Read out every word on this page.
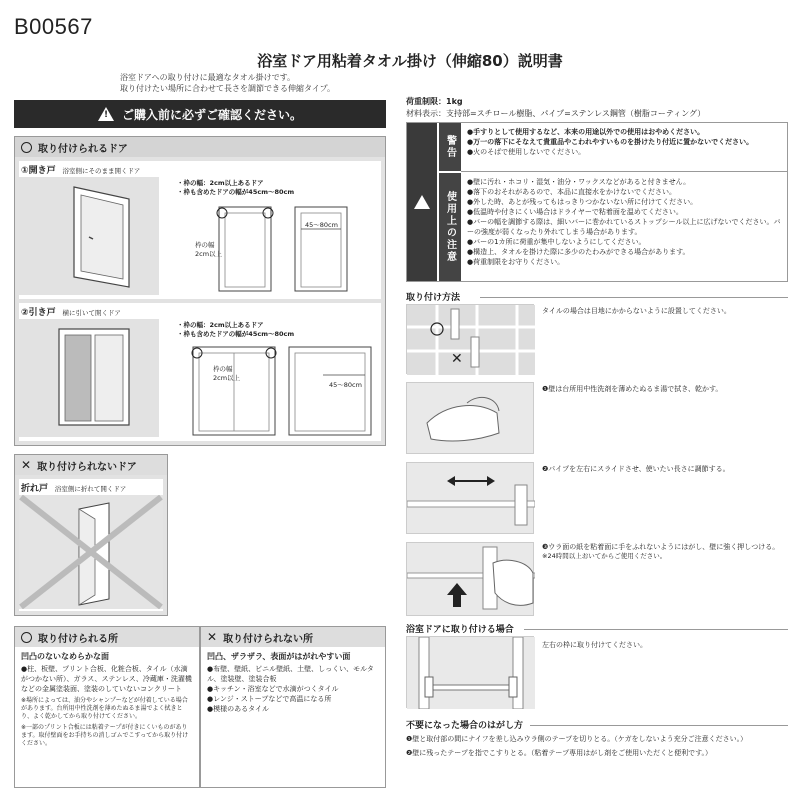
B00567
浴室ドア用粘着タオル掛け（伸縮80）説明書
浴室ドアへの取り付けに最適なタオル掛けです。
取り付けたい場所に合わせて長さを調節できる伸縮タイプ。
! ご購入前に必ずご確認ください。
取り付けられるドア
①開き戸 浴室側にそのまま開くドア
・枠の幅：2cm以上あるドア
・枠も含めたドアの幅が45cm〜80cm
枠の幅
2cm以上
45〜80cm
②引き戸 横に引いて開くドア
・枠の幅：2cm以上あるドア
・枠も含めたドアの幅が45cm〜80cm
枠の幅
2cm以上
45〜80cm
✕ 取り付けられないドア
折れ戸 浴室側に折れて開くドア
取り付けられる所
凹凸のないなめらかな面
●柱、板壁、プリント合板、化粧合板、タイル（水滴がつかない所）、ガラス、ステンレス、冷蔵庫・洗濯機などの金属塗装面、塗装のしていないコンクリート
※場所によっては、油分やシャンプーなどが付着している場合があります。台所用中性洗剤を薄めたぬるま湯でよく拭きとり、よく乾かしてから取り付けてください。
※一部のプリント合板には粘着テープが付きにくいものがあります。取付壁面をお手持ちの消しゴムでこすってから取り付けください。
✕ 取り付けられない所
凹凸、ザラザラ、表面がはがれやすい面
●布壁、壁紙、ビニル壁紙、土壁、しっくい、モルタル、塗装壁、塗装合板
●キッチン・浴室などで水滴がつくタイル
●レンジ・ストーブなどで高温になる所
●模様のあるタイル
荷重制限：1kg
材料表示：支持部=スチロール樹脂、パイプ=ステンレス鋼管（樹脂コーティング）
警告
使用上の注意
●手すりとして使用するなど、本来の用途以外での使用はおやめください。
●万一の落下にそなえて貴重品やこわれやすいものを掛けたり付近に置かないでください。
●火のそばで使用しないでください。
●壁に汚れ・ホコリ・湿気・油分・ワックスなどがあると付きません。
●落下のおそれがあるので、本品に直接水をかけないでください。
●外した時、あとが残ってもはっきりつかないない所に付けてください。
●低温時や付きにくい場合はドライヤーで粘着面を温めてください。
●バーの幅を調節する際は、細いバーに巻かれているストップシール以上に広げないでください。バーの強度が弱くなったり外れてしまう場合があります。
●バーの1カ所に荷重が集中しないようにしてください。
●構造上、タオルを掛けた際に多少のたわみができる場合があります。
●荷重制限をお守りください。
取り付け方法
✕
タイルの場合は目地にかからないように設置してください。
❶壁は台所用中性洗剤を薄めたぬるま湯で拭き、乾かす。
❷パイプを左右にスライドさせ、使いたい長さに調節する。
❸ウラ面の紙を粘着面に手をふれないようにはがし、壁に強く押しつける。
※24時間以上おいてからご使用ください。
浴室ドアに取り付ける場合
左右の枠に取り付けてください。
不要になった場合のはがし方
❶壁と取付部の間にナイフを差し込みウラ側のテープを切りとる。（ケガをしないよう充分ご注意ください。）
❷壁に残ったテープを指でこすりとる。（粘着テープ専用はがし剤をご使用いただくと便利です。）
